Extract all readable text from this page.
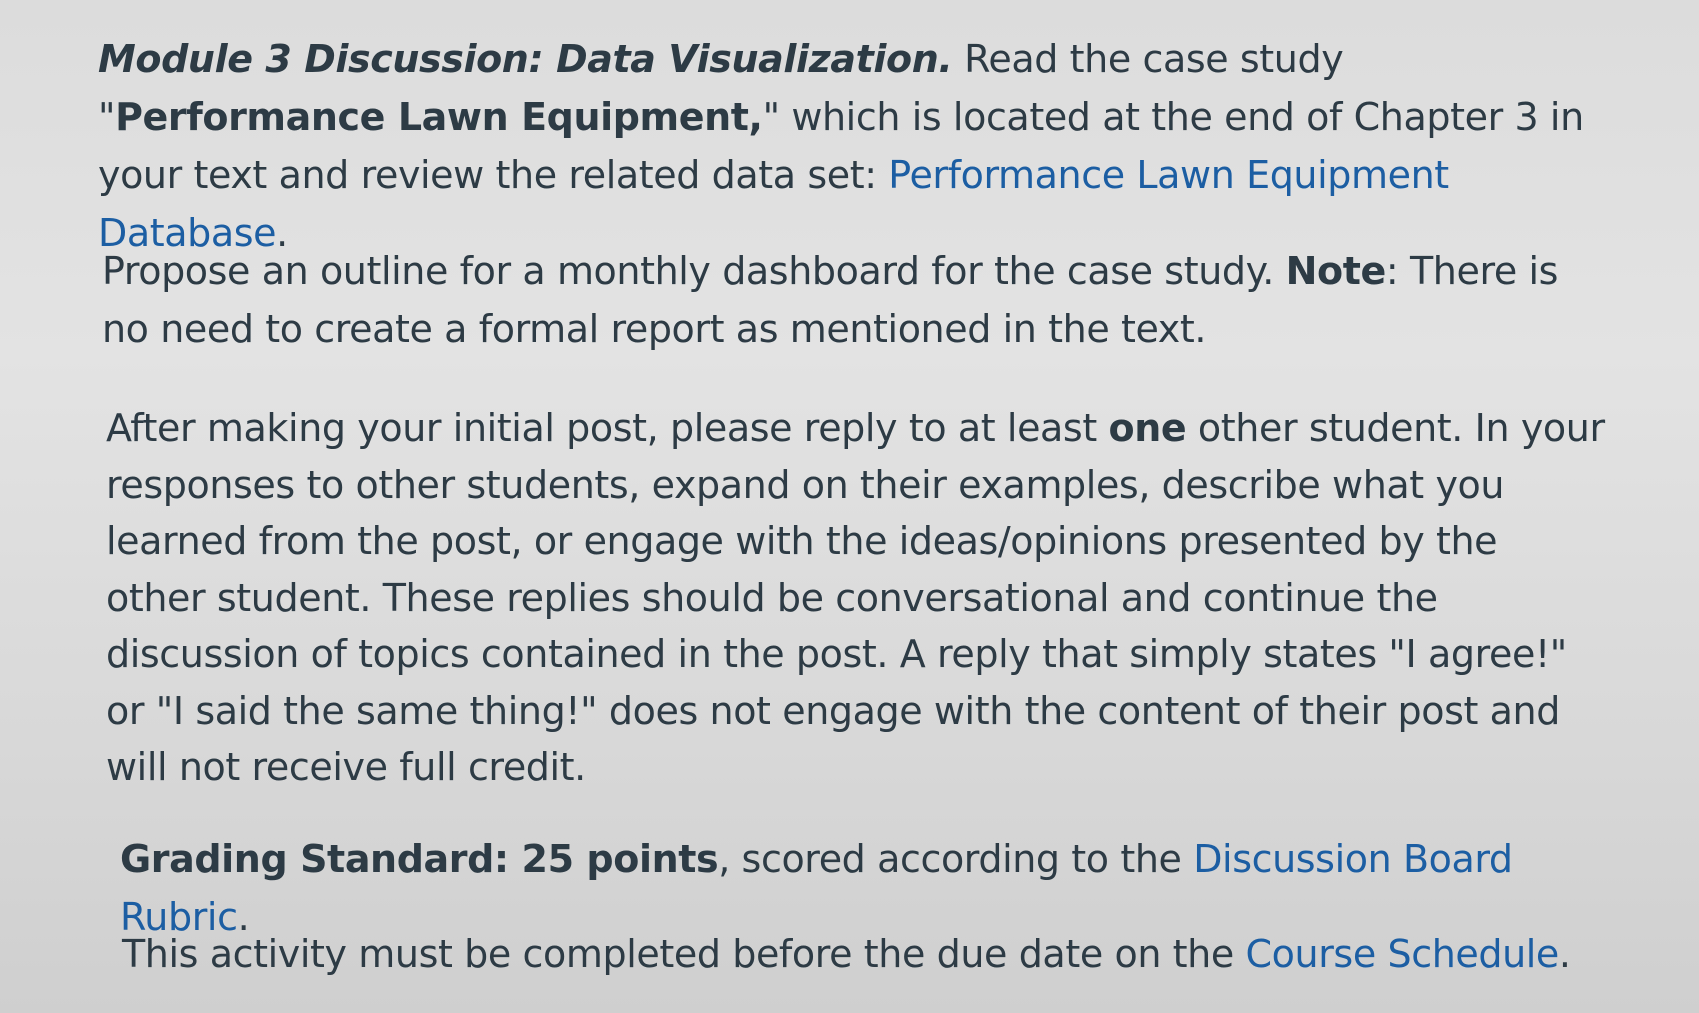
Module 3 Discussion: Data Visualization. Read the case study "Performance Lawn Equipment," which is located at the end of Chapter 3 in your text and review the related data set: Performance Lawn Equipment Database.

Propose an outline for a monthly dashboard for the case study. Note: There is no need to create a formal report as mentioned in the text.

After making your initial post, please reply to at least one other student. In your responses to other students, expand on their examples, describe what you learned from the post, or engage with the ideas/opinions presented by the other student. These replies should be conversational and continue the discussion of topics contained in the post. A reply that simply states "I agree!" or "I said the same thing!" does not engage with the content of their post and will not receive full credit.

Grading Standard: 25 points, scored according to the Discussion Board Rubric.

This activity must be completed before the due date on the Course Schedule.
